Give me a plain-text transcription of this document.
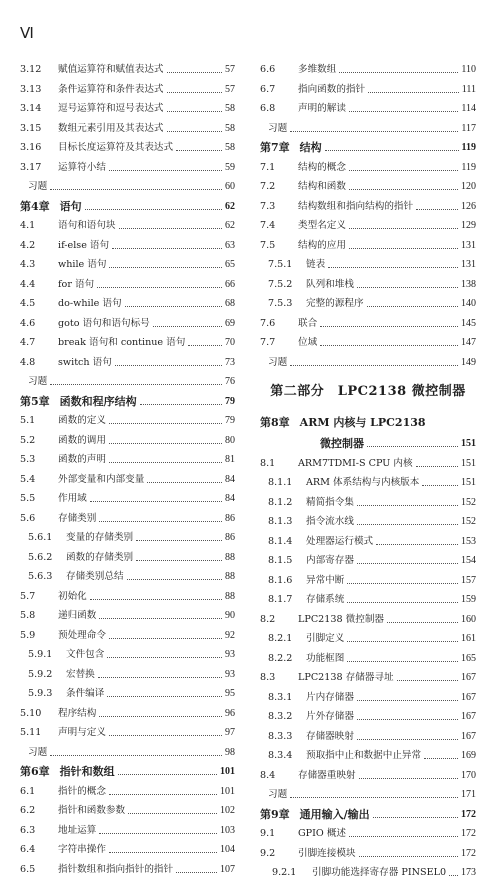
Ⅵ
3.12	赋值运算符和赋值表达式	57
3.13	条件运算符和条件表达式	57
3.14	逗号运算符和逗号表达式	58
3.15	数组元素引用及其表达式	58
3.16	目标长度运算符及其表达式	58
3.17	运算符小结	59
习题	60
第4章 语句	62
4.1	语句和语句块	62
4.2	if-else 语句	63
4.3	while 语句	65
4.4	for 语句	66
4.5	do-while 语句	68
4.6	goto 语句和语句标号	69
4.7	break 语句和 continue 语句	70
4.8	switch 语句	73
习题	76
第5章 函数和程序结构	79
5.1	函数的定义	79
5.2	函数的调用	80
5.3	函数的声明	81
5.4	外部变量和内部变量	84
5.5	作用域	84
5.6	存储类别	86
5.6.1	变量的存储类别	86
5.6.2	函数的存储类别	88
5.6.3	存储类别总结	88
5.7	初始化	88
5.8	递归函数	90
5.9	预处理命令	92
5.9.1	文件包含	93
5.9.2	宏替换	93
5.9.3	条件编译	95
5.10	程序结构	96
5.11	声明与定义	97
习题	98
第6章 指针和数组	101
6.1	指针的概念	101
6.2	指针和函数参数	102
6.3	地址运算	103
6.4	字符串操作	104
6.5	指针数组和指向指针的指针	107
6.6	多维数组	110
6.7	指向函数的指针	111
6.8	声明的解读	114
习题	117
第7章 结构	119
7.1	结构的概念	119
7.2	结构和函数	120
7.3	结构数组和指向结构的指针	126
7.4	类型名定义	129
7.5	结构的应用	131
7.5.1	链表	131
7.5.2	队列和堆栈	138
7.5.3	完整的源程序	140
7.6	联合	145
7.7	位域	147
习题	149
第二部分　LPC2138 微控制器
第8章 ARM 内核与 LPC2138
微控制器	151
8.1	ARM7TDMI-S CPU 内核	151
8.1.1	ARM 体系结构与内核版本	151
8.1.2	精简指令集	152
8.1.3	指令流水线	152
8.1.4	处理器运行模式	153
8.1.5	内部寄存器	154
8.1.6	异常中断	157
8.1.7	存储系统	159
8.2	LPC2138 微控制器	160
8.2.1	引脚定义	161
8.2.2	功能框图	165
8.3	LPC2138 存储器寻址	167
8.3.1	片内存储器	167
8.3.2	片外存储器	167
8.3.3	存储器映射	167
8.3.4	预取指中止和数据中止异常	169
8.4	存储器重映射	170
习题	171
第9章 通用输入/输出	172
9.1	GPIO 概述	172
9.2	引脚连接模块	172
9.2.1	引脚功能选择寄存器 PINSEL0 173
